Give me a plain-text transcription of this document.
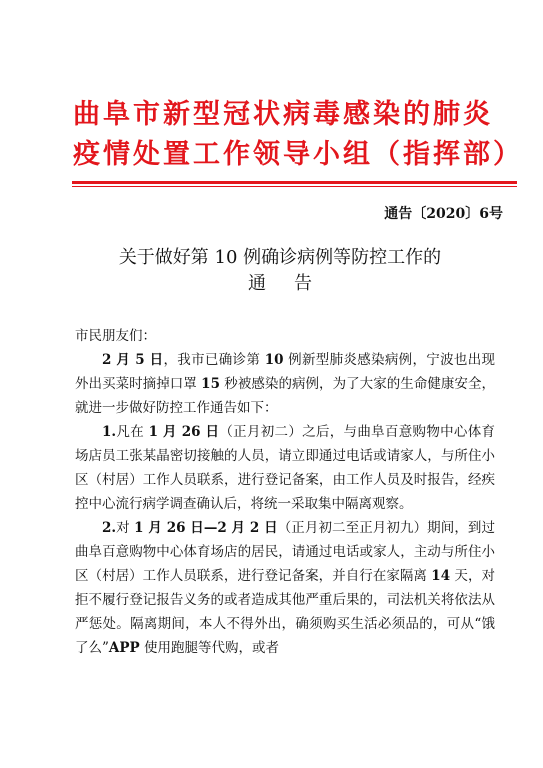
曲阜市新型冠状病毒感染的肺炎
疫情处置工作领导小组（指挥部）
通告〔2020〕6号
关于做好第 10 例确诊病例等防控工作的
通告

市民朋友们：

2 月 5 日，我市已确诊第 10 例新型肺炎感染病例，宁波也出现外出买菜时摘掉口罩 15 秒被感染的病例，为了大家的生命健康安全，就进一步做好防控工作通告如下：

1.凡在 1 月 26 日（正月初二）之后，与曲阜百意购物中心体育场店员工张某晶密切接触的人员，请立即通过电话或请家人，与所住小区（村居）工作人员联系，进行登记备案，由工作人员及时报告，经疾控中心流行病学调查确认后，将统一采取集中隔离观察。

2.对 1 月 26 日—2 月 2 日（正月初二至正月初九）期间，到过曲阜百意购物中心体育场店的居民，请通过电话或家人，主动与所住小区（村居）工作人员联系，进行登记备案，并自行在家隔离 14 天，对拒不履行登记报告义务的或者造成其他严重后果的，司法机关将依法从严惩处。隔离期间，本人不得外出，确须购买生活必须品的，可从“饿了么”APP 使用跑腿等代购，或者
